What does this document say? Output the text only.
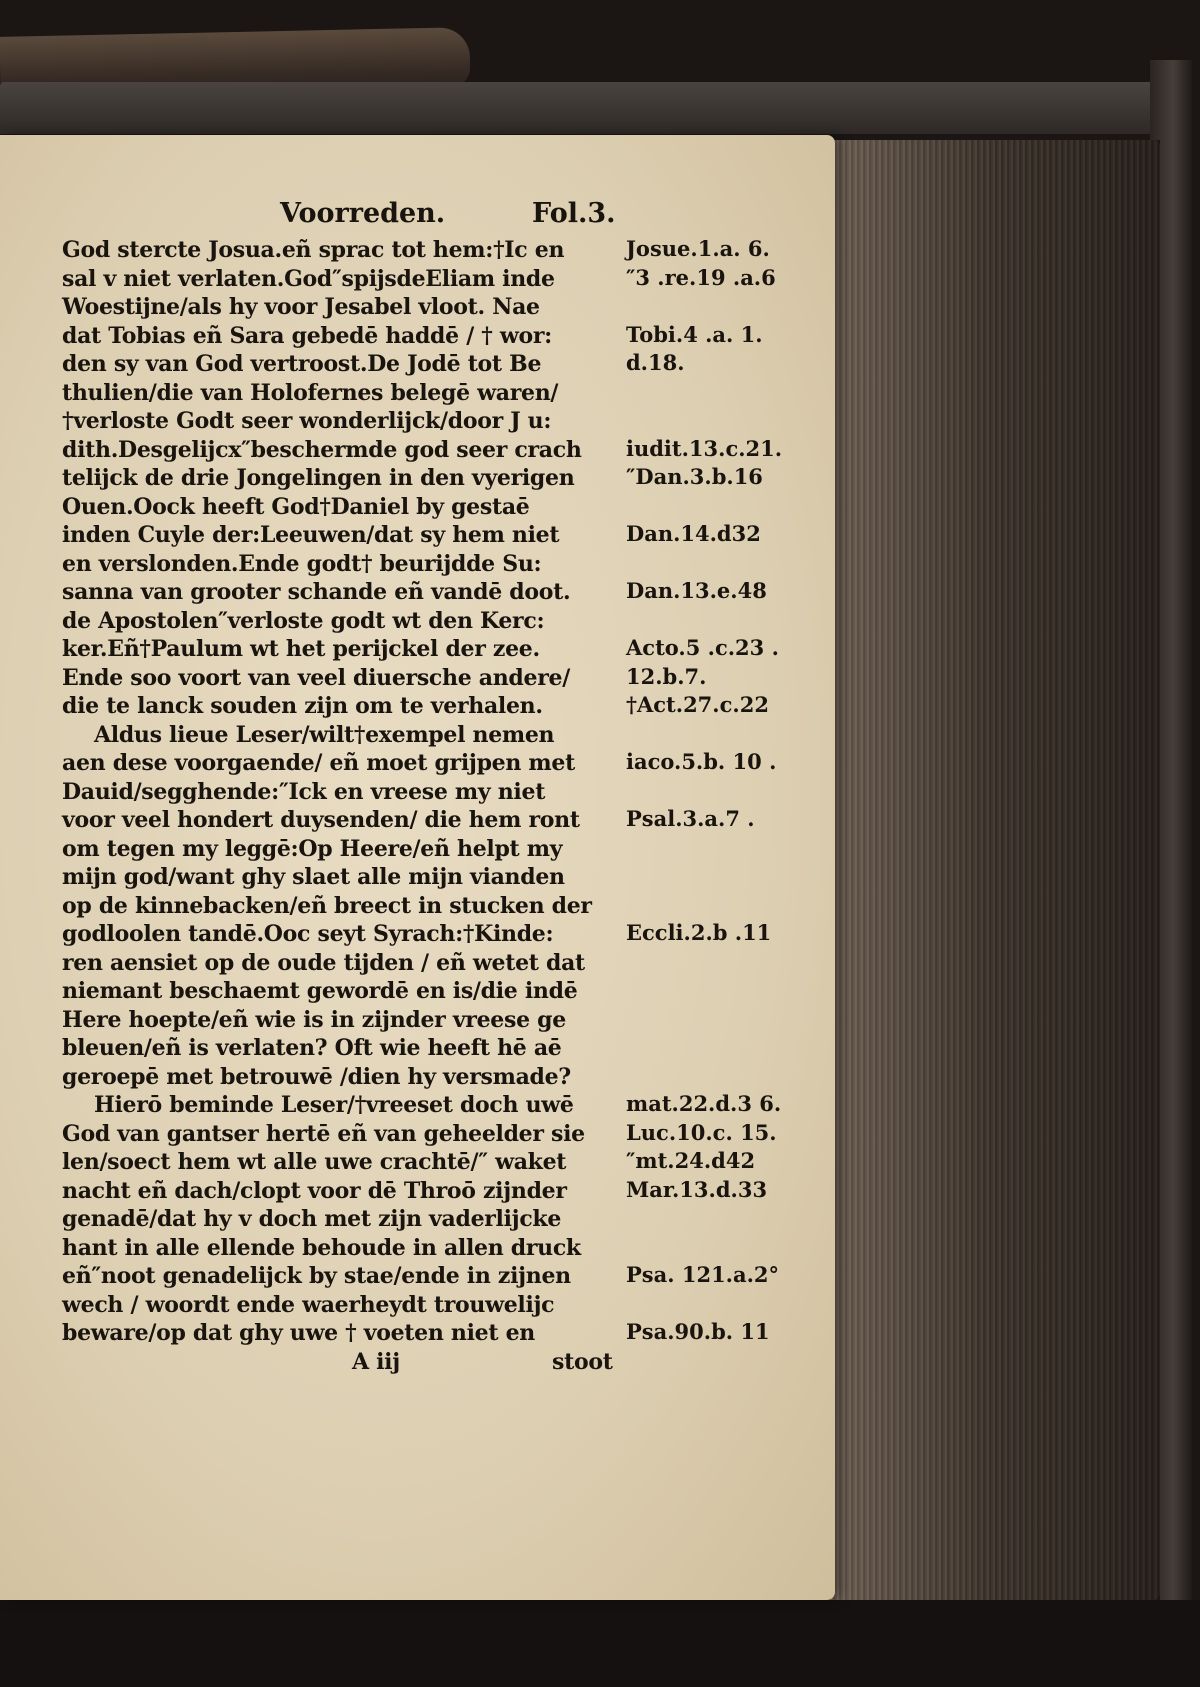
Voorreden.	Fol.3.
God stercte Josua.eñ sprac tot hem:†Ic en
sal v niet verlaten.God″spijsdeEliam inde
Woestijne/als hy voor Jesabel vloot. Nae
dat Tobias eñ Sara gebedē haddē / † wor:
den sy van God vertroost.De Jodē tot Be
thulien/die van Holofernes belegē waren/
†verloste Godt seer wonderlijck/door J u:
dith.Desgelijcx″beschermde god seer crach
telijck de drie Jongelingen in den vyerigen
Ouen.Oock heeft God†Daniel by gestaē
inden Cuyle der:Leeuwen/dat sy hem niet
en verslonden.Ende godt† beurijdde Su:
sanna van grooter schande eñ vandē doot.
de Apostolen″verloste godt wt den Kerc:
ker.Eñ†Paulum wt het perijckel der zee.
Ende soo voort van veel diuersche andere/
die te lanck souden zijn om te verhalen.
Aldus lieue Leser/wilt†exempel nemen
aen dese voorgaende/ eñ moet grijpen met
Dauid/segghende:″Ick en vreese my niet
voor veel hondert duysenden/ die hem ront
om tegen my leggē:Op Heere/eñ helpt my
mijn god/want ghy slaet alle mijn vianden
op de kinnebacken/eñ breect in stucken der
godloolen tandē.Ooc seyt Syrach:†Kinde:
ren aensiet op de oude tijden / eñ wetet dat
niemant beschaemt gewordē en is/die indē
Here hoepte/eñ wie is in zijnder vreese ge
bleuen/eñ is verlaten? Oft wie heeft hē aē
geroepē met betrouwē /dien hy versmade?
Hierō beminde Leser/†vreeset doch uwē
God van gantser hertē eñ van geheelder sie
len/soect hem wt alle uwe crachtē/″ waket
nacht eñ dach/clopt voor dē Throō zijnder
genadē/dat hy v doch met zijn vaderlijcke
hant in alle ellende behoude in allen druck
eñ″noot genadelijck by stae/ende in zijnen
wech / woordt ende waerheydt trouwelijc
beware/op dat ghy uwe † voeten niet en
A iij	stoot
Josue.1.a. 6.
″3 .re.19 .a.6
Tobi.4 .a. 1.
d.18.
iudit.13.c.21.
″Dan.3.b.16
Dan.14.d32
Dan.13.e.48
Acto.5 .c.23 .
12.b.7.
†Act.27.c.22
iaco.5.b. 10 .
Psal.3.a.7 .
Eccli.2.b .11
mat.22.d.3 6.
Luc.10.c. 15.
″mt.24.d42
Mar.13.d.33
Psa. 121.a.2°
Psa.90.b. 11
